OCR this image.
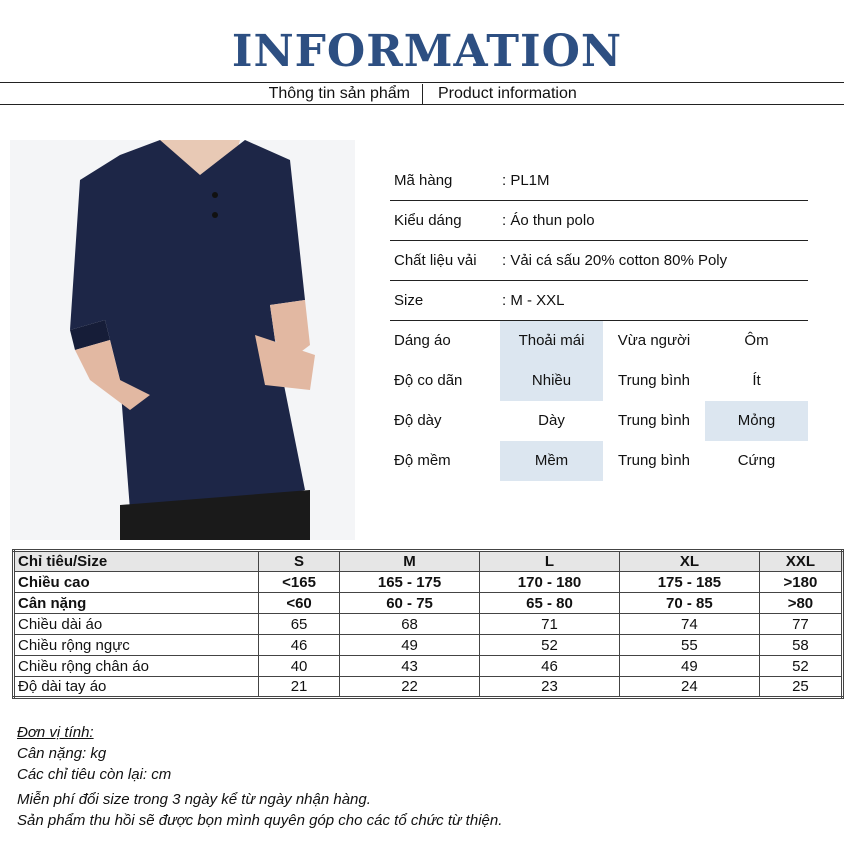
INFORMATION
Thông tin sản phẩm Product information
Mã hàng	: PL1M
Kiểu dáng	: Áo thun polo
Chất liệu vải : Vải cá sấu 20% cotton 80% Poly
Size	: M - XXL
Dáng áo	Thoải mái	Vừa người	Ôm
Độ co dãn	Nhiều	Trung bình	Ít
Độ dày	Dày	Trung bình	Mỏng
Độ mềm	Mềm	Trung bình	Cứng
Chỉ tiêu/Size	S	M	L	XL	XXL
Chiều cao	<165	165 - 175	170 - 180	175 - 185	>180
Cân nặng	<60	60 - 75	65 - 80	70 - 85	>80
Chiều dài áo	65	68	71	74	77
Chiều rộng ngực	46	49	52	55	58
Chiều rộng chân áo	40	43	46	49	52
Độ dài tay áo	21	22	23	24	25
Đơn vị tính:
Cân nặng: kg
Các chỉ tiêu còn lại: cm
Miễn phí đổi size trong 3 ngày kể từ ngày nhận hàng.
Sản phẩm thu hồi sẽ được bọn mình quyên góp cho các tổ chức từ thiện.
